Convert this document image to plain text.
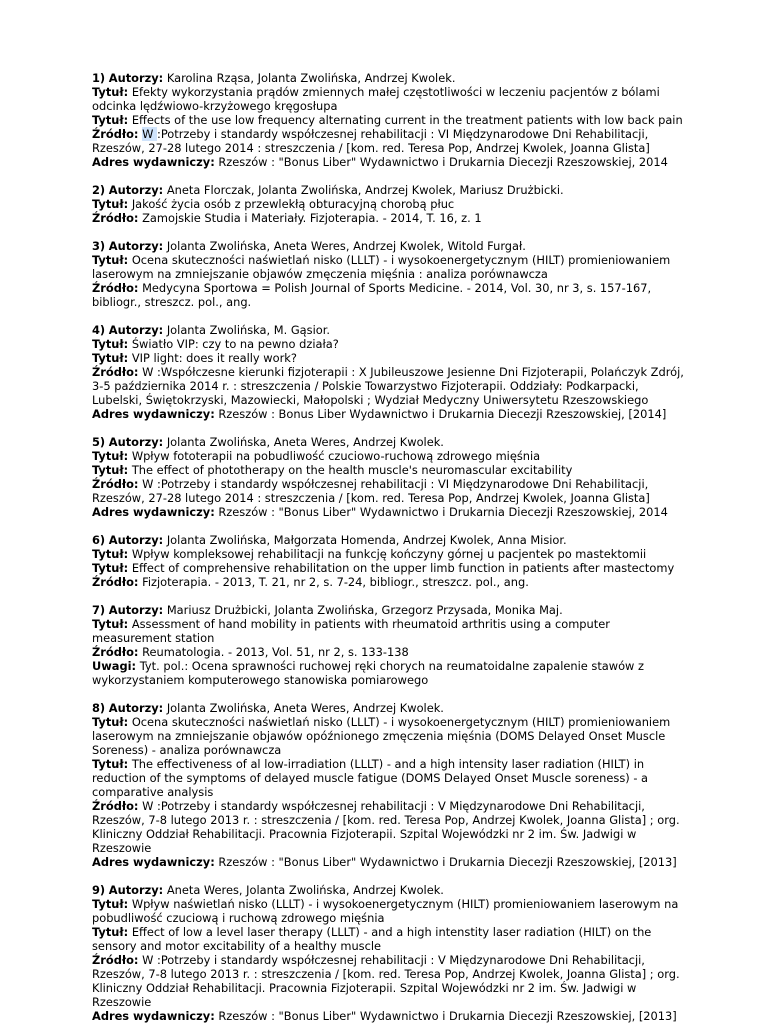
1) Autorzy: Karolina Rząsa, Jolanta Zwolińska, Andrzej Kwolek.
Tytuł: Efekty wykorzystania prądów zmiennych małej częstotliwości w leczeniu pacjentów z bólami odcinka lędźwiowo-krzyżowego kręgosłupa
Tytuł: Effects of the use low frequency alternating current in the treatment patients with low back pain
Źródło: W :Potrzeby i standardy współczesnej rehabilitacji : VI Międzynarodowe Dni Rehabilitacji, Rzeszów, 27-28 lutego 2014 : streszczenia / [kom. red. Teresa Pop, Andrzej Kwolek, Joanna Glista]
Adres wydawniczy: Rzeszów : "Bonus Liber" Wydawnictwo i Drukarnia Diecezji Rzeszowskiej, 2014
2) Autorzy: Aneta Florczak, Jolanta Zwolińska, Andrzej Kwolek, Mariusz Drużbicki.
Tytuł: Jakość życia osób z przewlekłą obturacyjną chorobą płuc
Źródło: Zamojskie Studia i Materiały. Fizjoterapia. - 2014, T. 16, z. 1
3) Autorzy: Jolanta Zwolińska, Aneta Weres, Andrzej Kwolek, Witold Furgał.
Tytuł: Ocena skuteczności naświetlań nisko (LLLT) - i wysokoenergetycznym (HILT) promieniowaniem laserowym na zmniejszanie objawów zmęczenia mięśnia : analiza porównawcza
Źródło: Medycyna Sportowa = Polish Journal of Sports Medicine. - 2014, Vol. 30, nr 3, s. 157-167, bibliogr., streszcz. pol., ang.
4) Autorzy: Jolanta Zwolińska, M. Gąsior.
Tytuł: Światło VIP: czy to na pewno działa?
Tytuł: VIP light: does it really work?
Źródło: W :Współczesne kierunki fizjoterapii : X Jubileuszowe Jesienne Dni Fizjoterapii, Polańczyk Zdrój, 3-5 października 2014 r. : streszczenia / Polskie Towarzystwo Fizjoterapii. Oddziały: Podkarpacki, Lubelski, Świętokrzyski, Mazowiecki, Małopolski ; Wydział Medyczny Uniwersytetu Rzeszowskiego
Adres wydawniczy: Rzeszów : Bonus Liber Wydawnictwo i Drukarnia Diecezji Rzeszowskiej, [2014]
5) Autorzy: Jolanta Zwolińska, Aneta Weres, Andrzej Kwolek.
Tytuł: Wpływ fototerapii na pobudliwość czuciowo-ruchową zdrowego mięśnia
Tytuł: The effect of phototherapy on the health muscle's neuromascular excitability
Źródło: W :Potrzeby i standardy współczesnej rehabilitacji : VI Międzynarodowe Dni Rehabilitacji, Rzeszów, 27-28 lutego 2014 : streszczenia / [kom. red. Teresa Pop, Andrzej Kwolek, Joanna Glista]
Adres wydawniczy: Rzeszów : "Bonus Liber" Wydawnictwo i Drukarnia Diecezji Rzeszowskiej, 2014
6) Autorzy: Jolanta Zwolińska, Małgorzata Homenda, Andrzej Kwolek, Anna Misior.
Tytuł: Wpływ kompleksowej rehabilitacji na funkcję kończyny górnej u pacjentek po mastektomii
Tytuł: Effect of comprehensive rehabilitation on the upper limb function in patients after mastectomy
Źródło: Fizjoterapia. - 2013, T. 21, nr 2, s. 7-24, bibliogr., streszcz. pol., ang.
7) Autorzy: Mariusz Drużbicki, Jolanta Zwolińska, Grzegorz Przysada, Monika Maj.
Tytuł: Assessment of hand mobility in patients with rheumatoid arthritis using a computer measurement station
Źródło: Reumatologia. - 2013, Vol. 51, nr 2, s. 133-138
Uwagi: Tyt. pol.: Ocena sprawności ruchowej ręki chorych na reumatoidalne zapalenie stawów z wykorzystaniem komputerowego stanowiska pomiarowego
8) Autorzy: Jolanta Zwolińska, Aneta Weres, Andrzej Kwolek.
Tytuł: Ocena skuteczności naświetlań nisko (LLLT) - i wysokoenergetycznym (HILT) promieniowaniem laserowym na zmniejszanie objawów opóźnionego zmęczenia mięśnia (DOMS Delayed Onset Muscle Soreness) - analiza porównawcza
Tytuł: The effectiveness of al low-irradiation (LLLT) - and a high intensity laser radiation (HILT) in reduction of the symptoms of delayed muscle fatigue (DOMS Delayed Onset Muscle soreness) - a comparative analysis
Źródło: W :Potrzeby i standardy współczesnej rehabilitacji : V Międzynarodowe Dni Rehabilitacji, Rzeszów, 7-8 lutego 2013 r. : streszczenia / [kom. red. Teresa Pop, Andrzej Kwolek, Joanna Glista] ; org. Kliniczny Oddział Rehabilitacji. Pracownia Fizjoterapii. Szpital Wojewódzki nr 2 im. Św. Jadwigi w Rzeszowie
Adres wydawniczy: Rzeszów : "Bonus Liber" Wydawnictwo i Drukarnia Diecezji Rzeszowskiej, [2013]
9) Autorzy: Aneta Weres, Jolanta Zwolińska, Andrzej Kwolek.
Tytuł: Wpływ naświetlań nisko (LLLT) - i wysokoenergetycznym (HILT) promieniowaniem laserowym na pobudliwość czuciową i ruchową zdrowego mięśnia
Tytuł: Effect of low a level laser therapy (LLLT) - and a high intenstity laser radiation (HILT) on the sensory and motor excitability of a healthy muscle
Źródło: W :Potrzeby i standardy współczesnej rehabilitacji : V Międzynarodowe Dni Rehabilitacji, Rzeszów, 7-8 lutego 2013 r. : streszczenia / [kom. red. Teresa Pop, Andrzej Kwolek, Joanna Glista] ; org. Kliniczny Oddział Rehabilitacji. Pracownia Fizjoterapii. Szpital Wojewódzki nr 2 im. Św. Jadwigi w Rzeszowie
Adres wydawniczy: Rzeszów : "Bonus Liber" Wydawnictwo i Drukarnia Diecezji Rzeszowskiej, [2013]
